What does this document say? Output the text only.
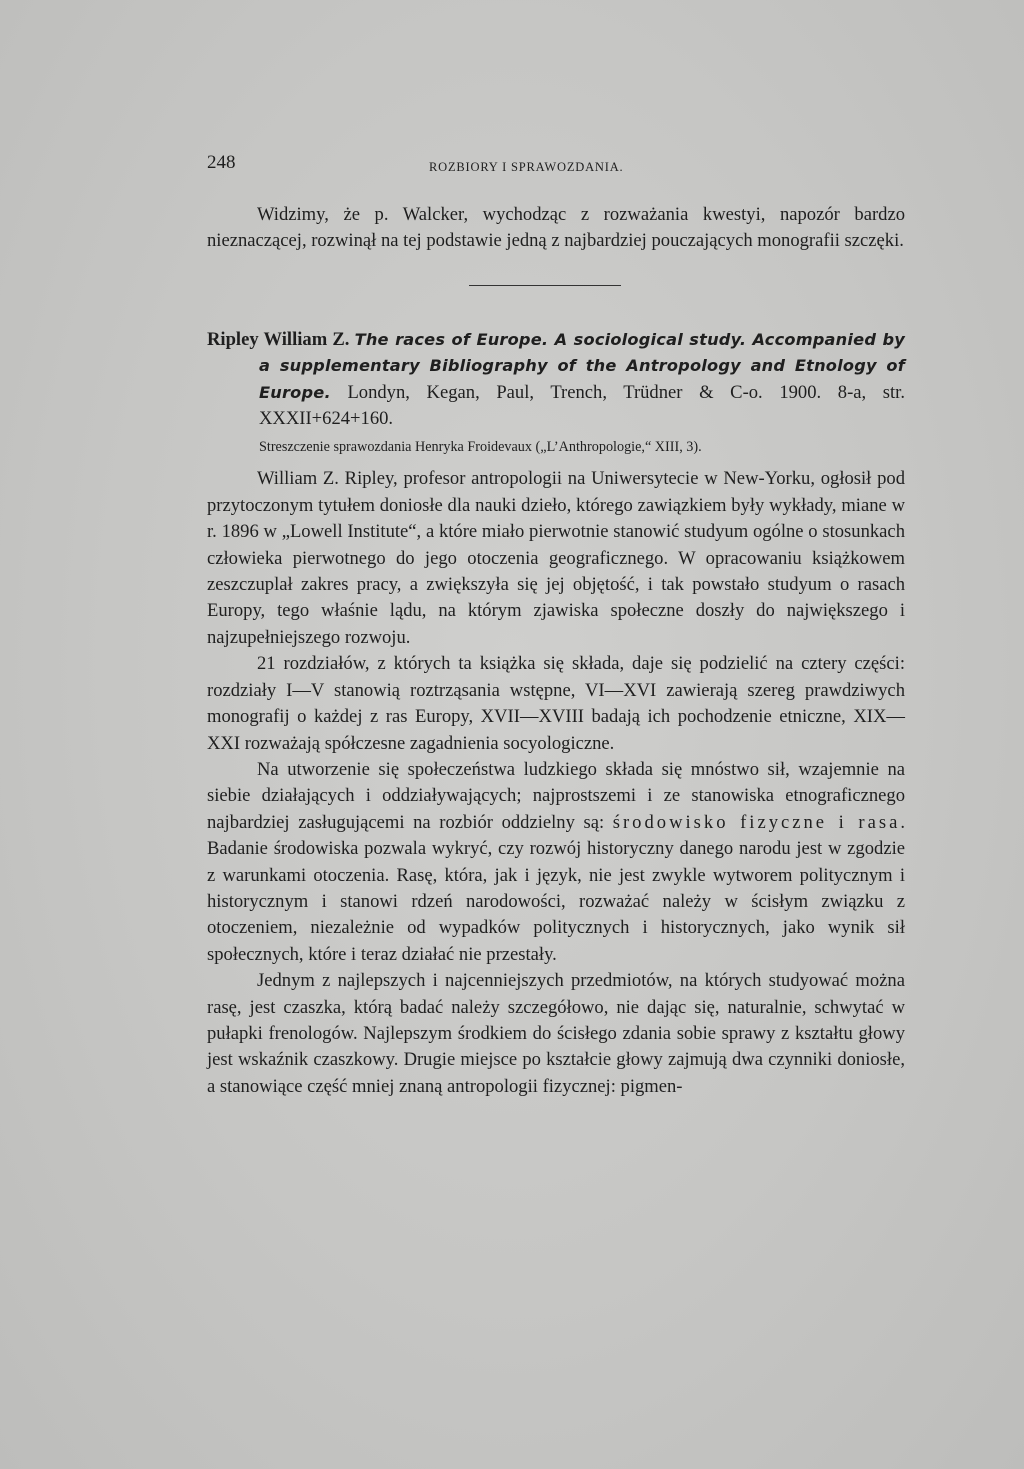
248	ROZBIORY I SPRAWOZDANIA.

Widzimy, że p. Walcker, wychodząc z rozważania kwestyi, napozór bardzo nieznaczącej, rozwinął na tej podstawie jedną z najbardziej pouczających monografii szczęki.

Ripley William Z. The races of Europe. A sociological study. Accompanied by a supplementary Bibliography of the Antropology and Etnology of Europe. Londyn, Kegan, Paul, Trench, Trüdner & C-o. 1900. 8-a, str. XXXII+624+160.
Streszczenie sprawozdania Henryka Froidevaux („L’Anthropologie,“ XIII, 3).

William Z. Ripley, profesor antropologii na Uniwersytecie w New-Yorku, ogłosił pod przytoczonym tytułem doniosłe dla nauki dzieło, którego zawiązkiem były wykłady, miane w r. 1896 w „Lowell Institute“, a które miało pierwotnie stanowić studyum ogólne o stosunkach człowieka pierwotnego do jego otoczenia geograficznego. W opracowaniu książkowem zeszczuplał zakres pracy, a zwiększyła się jej objętość, i tak powstało studyum o rasach Europy, tego właśnie lądu, na którym zjawiska społeczne doszły do największego i najzupełniejszego rozwoju.

21 rozdziałów, z których ta książka się składa, daje się podzielić na cztery części: rozdziały I—V stanowią roztrząsania wstępne, VI—XVI zawierają szereg prawdziwych monografij o każdej z ras Europy, XVII—XVIII badają ich pochodzenie etniczne, XIX—XXI rozważają spółczesne zagadnienia socyologiczne.

Na utworzenie się społeczeństwa ludzkiego składa się mnóstwo sił, wzajemnie na siebie działających i oddziaływających; najprostszemi i ze stanowiska etnograficznego najbardziej zasługującemi na rozbiór oddzielny są: środowisko fizyczne i rasa. Badanie środowiska pozwala wykryć, czy rozwój historyczny danego narodu jest w zgodzie z warunkami otoczenia. Rasę, która, jak i język, nie jest zwykle wytworem politycznym i historycznym i stanowi rdzeń narodowości, rozważać należy w ścisłym związku z otoczeniem, niezależnie od wypadków politycznych i historycznych, jako wynik sił społecznych, które i teraz działać nie przestały.

Jednym z najlepszych i najcenniejszych przedmiotów, na których studyować można rasę, jest czaszka, którą badać należy szczegółowo, nie dając się, naturalnie, schwytać w pułapki frenologów. Najlepszym środkiem do ścisłego zdania sobie sprawy z kształtu głowy jest wskaźnik czaszkowy. Drugie miejsce po kształcie głowy zajmują dwa czynniki doniosłe, a stanowiące część mniej znaną antropologii fizycznej: pigmen-
